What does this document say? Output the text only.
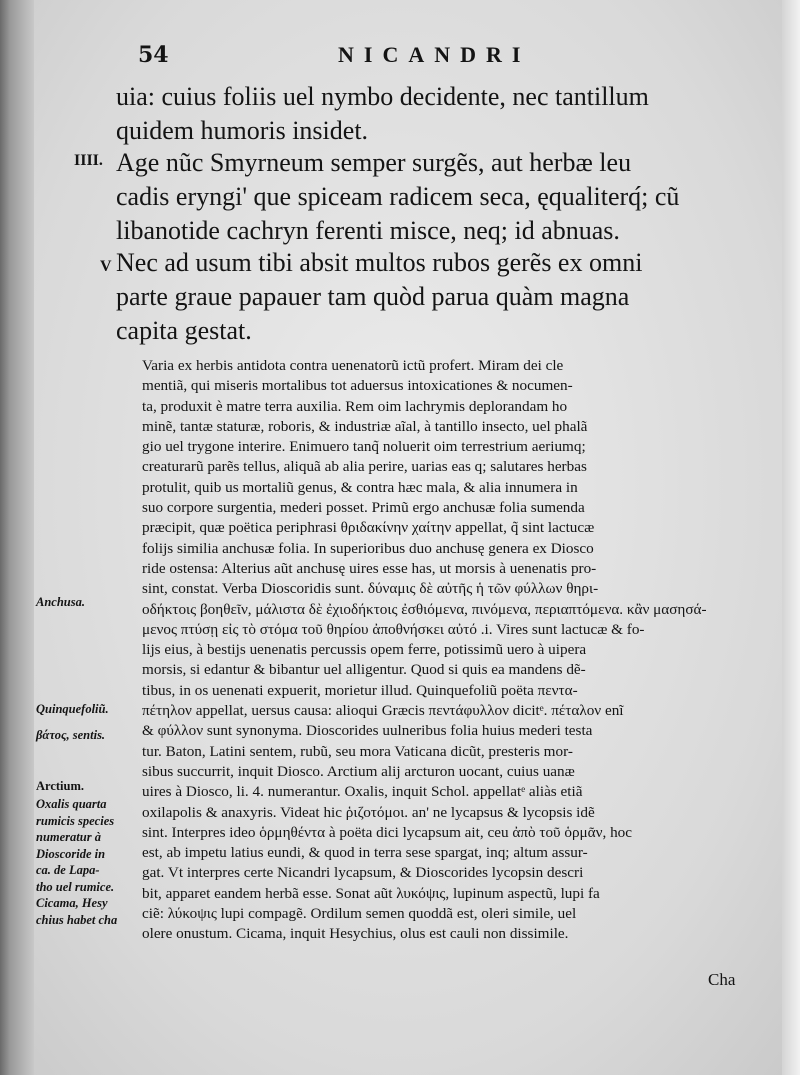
54	NICANDRI
IIII.
V
uia: cuius foliis uel nymbo decidente, nec tantillum
quidem humoris insidet.
Age nũc Smyrneum semper surgẽs, aut herbæ leu
cadis eryngi' que spiceam radicem seca, ęqualiterq́; cũ
libanotide cachryn ferenti misce, neq; id abnuas.
Nec ad usum tibi absit multos rubos gerẽs ex omni
parte graue papauer tam quòd parua quàm magna
capita gestat.
Varia ex herbis antidota contra uenenatorũ ictũ profert. Miram dei cle
mentiã, qui miseris mortalibus tot aduersus intoxicationes & nocumen-
ta, produxit è matre terra auxilia. Rem oim lachrymis deplorandam ho
minẽ, tantæ staturæ, roboris, & industriæ aĩal, à tantillo insecto, uel phalã
gio uel trygone interire. Enimuero tanq̃ noluerit oim terrestrium aeriumq;
creaturarũ parẽs tellus, aliquã ab alia perire, uarias eas q; salutares herbas
protulit, quib us mortaliũ genus, & contra hæc mala, & alia innumera in
suo corpore surgentia, mederi posset. Primũ ergo anchusæ folia sumenda
præcipit, quæ poëtica periphrasi θριδακίνην χαίτην appellat, q̃ sint lactucæ
folijs similia anchusæ folia. In superioribus duo anchusę genera ex Diosco
ride ostensa: Alterius aũt anchusę uires esse has, ut morsis à uenenatis pro-
sint, constat. Verba Dioscoridis sunt. δύναμις δὲ αὐτῆς ἡ τῶν φύλλων θηρι-
οδήκτοις βοηθεῖν, μάλιστα δὲ ἐχιοδήκτοις ἐσθιόμενα, πινόμενα, περιαπτόμενα. κἂν μασησά-
μενος πτύσῃ εἰς τὸ στόμα τοῦ θηρίου ἀποθνήσκει αὐτό .i. Vires sunt lactucæ & fo-
lijs eius, à bestijs uenenatis percussis opem ferre, potissimũ uero à uipera
morsis, si edantur & bibantur uel alligentur. Quod si quis ea mandens dẽ-
tibus, in os uenenati expuerit, morietur illud. Quinquefoliũ poëta πεντα-
πέτηλον appellat, uersus causa: alioqui Græcis πεντάφυλλον dicitᵉ. πέταλον enĩ
& φύλλον sunt synonyma. Dioscorides uulneribus folia huius mederi testa
tur. Baton, Latini sentem, rubũ, seu mora Vaticana dicũt, presteris mor-
sibus succurrit, inquit Diosco. Arctium alij arcturon uocant, cuius uanæ
uires à Diosco, li. 4. numerantur. Oxalis, inquit Schol. appellatᵉ aliàs etiã
oxilapolis & anaxyris. Videat hic ῥιζοτόμοι. an' ne lycapsus & lycopsis idẽ
sint. Interpres ideo ὁρμηθέντα à poëta dici lycapsum ait, ceu ἀπὸ τοῦ ὁρμᾶν, hoc
est, ab impetu latius eundi, & quod in terra sese spargat, inq; altum assur-
gat. Vt interpres certe Nicandri lycapsum, & Dioscorides lycopsin descri
bit, apparet eandem herbã esse. Sonat aũt λυκόψις, lupinum aspectũ, lupi fa
ciẽ: λύκοψις lupi compagẽ. Ordilum semen quoddã est, oleri simile, uel
olere onustum. Cicama, inquit Hesychius, olus est cauli non dissimile.
Anchusa.
Quinquefoliũ.
βάτος, sentis.
Arctium.
Oxalis quarta
rumicis species
numeratur à
Dioscoride in
ca. de Lapa-
tho uel rumice.
Cicama, Hesy
chius habet cha
Cha
